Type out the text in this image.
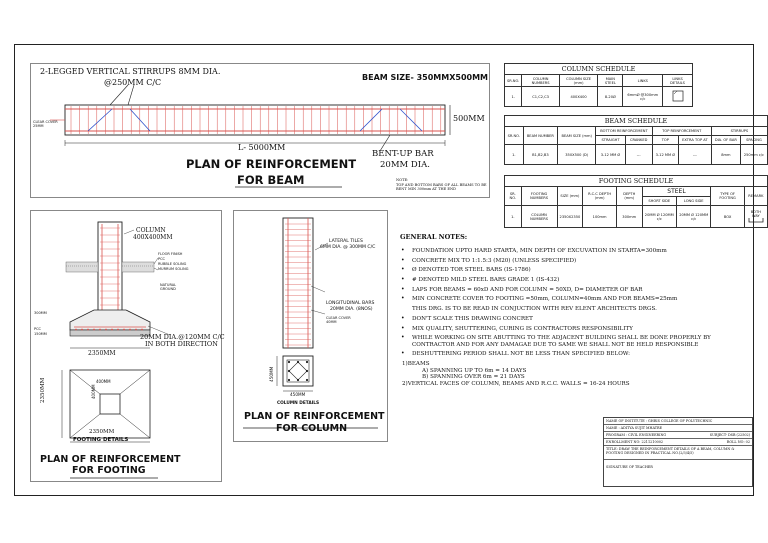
2-LEGGED VERTICAL STIRRUPS 8MM DIA.
@250MM C/C
BEAM SIZE- 350MMX500MM
500MM
CLEAR COVER 25MM
L- 5000MM
PLAN OF REINFORCEMENT
FOR BEAM
BENT-UP BAR
20MM DIA.
NOTE:
TOP AND BOTTOM BARS OF ALL BEAMS TO BE BENT MIN 300mm AT THE END
COLUMN SCHEDULE					
SR.NO.	COLUMN NUMBERS	COLUMN SIZE (mm)	MAIN STEEL	LINKS	LINKS DETAILS
1.	C1,C2,C3	400X400	8-20Ø	6mmØ @300mm c/c	
BEAM SCHEDULE								
SR.NO.	BEAM NUMBER	BEAM SIZE (mm)	BOTTOM REINFORCEMENT		TOP REINFORCEMENT		STIRRUPS	
			STRAIGHT	CRANKED	TOP	EXTRA TOP AT	DIA. OF BAR	SPACING
1.	B1,B2,B3	350X500 (D)	3-12 MM Ø	---	3-12 MM Ø	---	8mm	250mm c/c
FOOTING SCHEDULE								
SR. NO.	FOOTING NUMBERS	SIZE (mm)	R.C.C DEPTH (mm)	DEPTH (mm)	STEEL		TYPE OF FOOTING	REMARK
					SHORT SIDE	LONG SIDE		
1.	COLUMN NUMBERS	2350X2350	100mm	300mm	20MM Ø 120MM c/c	20MM Ø 120MM c/c	BOX	BOTH WAY

COLUMN
400X400MM
FLOOR FINISH
PCC
RUBBLE SOLING
MURRUM SOLING
NATURAL GROUND
300MM
PCC
150MM	20MM DIA.@120MM C/C
IN BOTH DIRECTION
2350MM
2350MM	400MM
400MM
2350MM
FOOTING DETAILS
PLAN OF REINFORCEMENT
FOR FOOTING
LATERAL TILES
6MM DIA. @ 300MM C/C
LONGITUDINAL BARS
20MM DIA. (8NOS)
CLEAR COVER 40MM
450MM
450MM
COLUMN DETAILS
PLAN OF REINFORCEMENT
FOR COLUMN
GENERAL NOTES:
• FOUNDATION UPTO HARD STARTA, MIN DEPTH OF EXCUVATION IN STARTA=300mm
• CONCRETE MIX TO 1:1.5:3 (M20) (UNLESS SPECIFIED)
• Ø DENOTED TOR STEEL BARS (IS-1786)
• # DENOTED MILD STEEL BARS GRADE 1 (IS-432)
• LAPS FOR BEAMS = 60xD AND FOR COLUMN = 50XD, D= DIAMETER OF BAR
• MIN CONCRETE COVER TO FOOTING =50mm, COLUMN=40mm AND FOR BEAMS=25mm
THIS DRG. IS TO BE READ IN CONJUCTION WITH REV ELENT ARCHITECTS DRGS.
• DON'T SCALE THIS DRAWING CONCRET
• MIX QUALITY, SHUTTERING, CURING IS CONTRACTORS RESPONSIBILITY
• WHILE WORKING ON SITE ABUTTING TO THE ADJACENT BUILDING SHALL BE DONE PROPERLY BY CONTRACTOR AND FOR ANY DAMAGAE DUE TO SAME WE SHALL NOT BE HELD RESPONSIBLE
• DESHUTTERING PERIOD SHALL NOT BE LESS THAN SPECIFIED BELOW:
1)BEAMS
A) SPANNING UP TO 6m = 14 DAYS
B) SPANNING OVER 6m = 21 DAYS
2)VERTICAL FACES OF COLUMN, BEAMS AND R.C.C. WALLS = 16-24 HOURS
NAME OF INSTITUTE : GHRIS COLLEGE OF POLYTECHNIC
NAME : ADITYA SUJIT MHATRE
PROGRAM : CIVIL ENGINEERING	SUBJECT- DSB (22502)
ENROLLMENT NO: 2211210002	ROLL NO: 02
TITLE: DRAW THE REINFORCEMENT DETAILS OF A BEAM, COLUMN & FOOTING DESIGNED IN PRACTICAL NO.(2/3/4/5)
SIGNATURE OF TEACHER
